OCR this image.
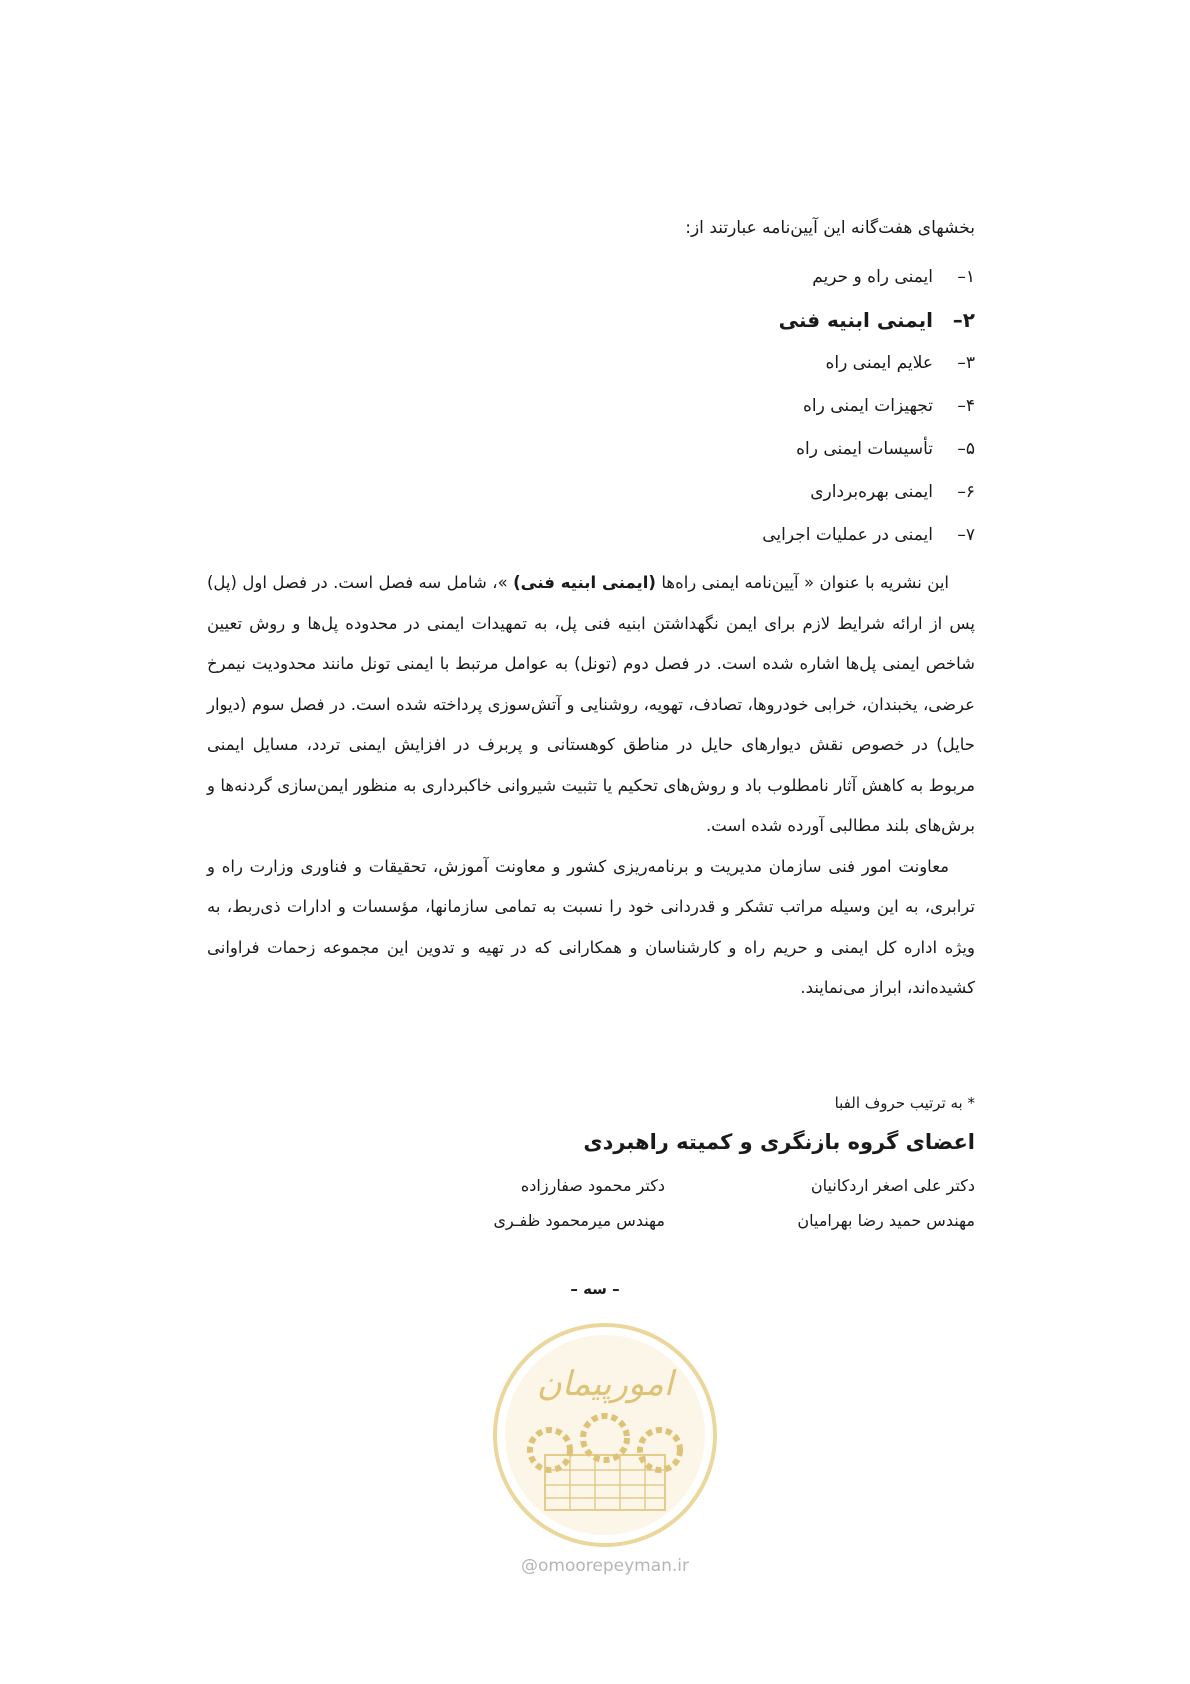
بخشهای هفت‌گانه این آیین‌نامه عبارتند از:

۱–
ایمنی راه و حریم
۲–
ایمنی ابنیه فنی
۳–
علایم ایمنی راه
۴–
تجهیزات ایمنی راه
۵–
تأسیسات ایمنی راه
۶–
ایمنی بهره‌برداری
۷–
ایمنی در عملیات اجرایی

این نشریه با عنوان « آیین‌نامه ایمنی راه‌ها (ایمنی ابنیه فنی) »، شامل سه فصل است. در فصل اول (پل) پس از ارائه شرایط لازم برای ایمن نگهداشتن ابنیه فنی پل، به تمهیدات ایمنی در محدوده پل‌ها و روش تعیین شاخص ایمنی پل‌ها اشاره شده است. در فصل دوم (تونل) به عوامل مرتبط با ایمنی تونل مانند محدودیت نیمرخ عرضی، یخبندان، خرابی خودروها، تصادف، تهویه، روشنایی و آتش‌سوزی پرداخته شده است. در فصل سوم (دیوار حایل) در خصوص نقش دیوارهای حایل در مناطق کوهستانی و پربرف در افزایش ایمنی تردد، مسایل ایمنی مربوط به کاهش آثار نامطلوب باد و روش‌های تحکیم یا تثبیت شیروانی خاکبرداری به منظور ایمن‌سازی گردنه‌ها و برش‌های بلند مطالبی آورده شده است.

معاونت امور فنی سازمان مدیریت و برنامه‌ریزی کشور و معاونت آموزش، تحقیقات و فناوری وزارت راه و ترابری، به این وسیله مراتب تشکر و قدردانی خود را نسبت به تمامی سازمانها، مؤسسات و ادارات ذی‌ربط، به ویژه اداره کل ایمنی و حریم راه و کارشناسان و همکارانی که در تهیه و تدوین این مجموعه زحمات فراوانی کشیده‌اند، ابراز می‌نمایند.

* به ترتیب حروف الفبا

اعضای گروه بازنگری و کمیته راهبردی
دکتر علی اصغر اردکانیان
دکتر محمود صفارزاده
مهندس حمید رضا بهرامیان
مهندس میرمحمود ظفـری
– سه –
امورپیمان
@omoorepeyman.ir
